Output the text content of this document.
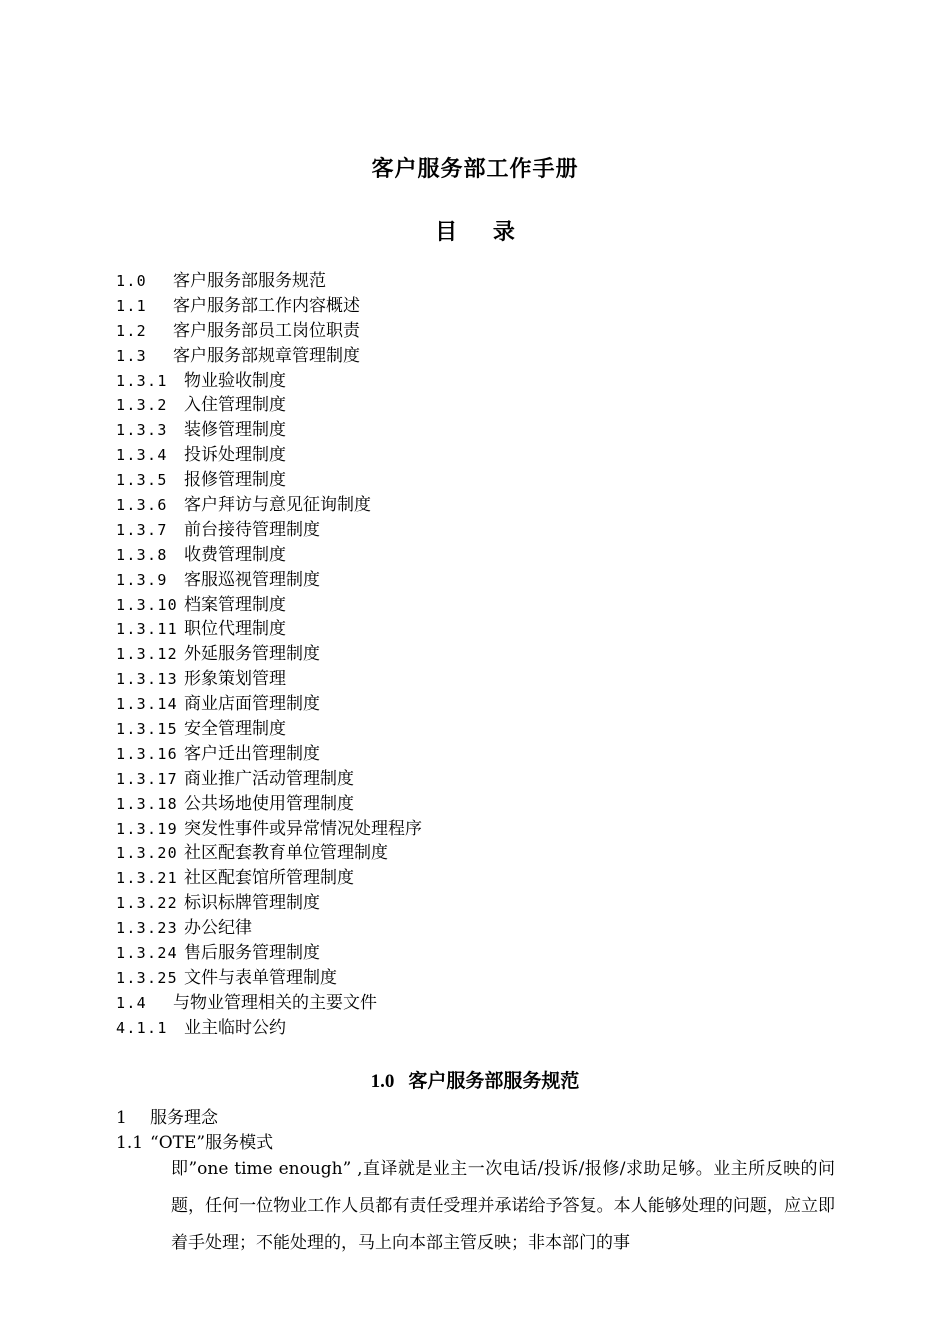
客户服务部工作手册
目 录
1.0	客户服务部服务规范
1.1	客户服务部工作内容概述
1.2	客户服务部员工岗位职责
1.3	客户服务部规章管理制度
1.3.1 物业验收制度
1.3.2 入住管理制度
1.3.3 装修管理制度
1.3.4 投诉处理制度
1.3.5 报修管理制度
1.3.6 客户拜访与意见征询制度
1.3.7 前台接待管理制度
1.3.8 收费管理制度
1.3.9 客服巡视管理制度
1.3.10 档案管理制度
1.3.11 职位代理制度
1.3.12 外延服务管理制度
1.3.13 形象策划管理
1.3.14 商业店面管理制度
1.3.15 安全管理制度
1.3.16 客户迁出管理制度
1.3.17 商业推广活动管理制度
1.3.18 公共场地使用管理制度
1.3.19 突发性事件或异常情况处理程序
1.3.20 社区配套教育单位管理制度
1.3.21 社区配套馆所管理制度
1.3.22 标识标牌管理制度
1.3.23 办公纪律
1.3.24 售后服务管理制度
1.3.25 文件与表单管理制度
1.4	与物业管理相关的主要文件
4.1.1 业主临时公约
1.0 客户服务部服务规范
1 服务理念
1.1 “OTE”服务模式
即”one time enough” ,直译就是业主一次电话/投诉/报修/求助足够。业主所反映的问题，任何一位物业工作人员都有责任受理并承诺给予答复。本人能够处理的问题，应立即着手处理；不能处理的，马上向本部主管反映；非本部门的事
